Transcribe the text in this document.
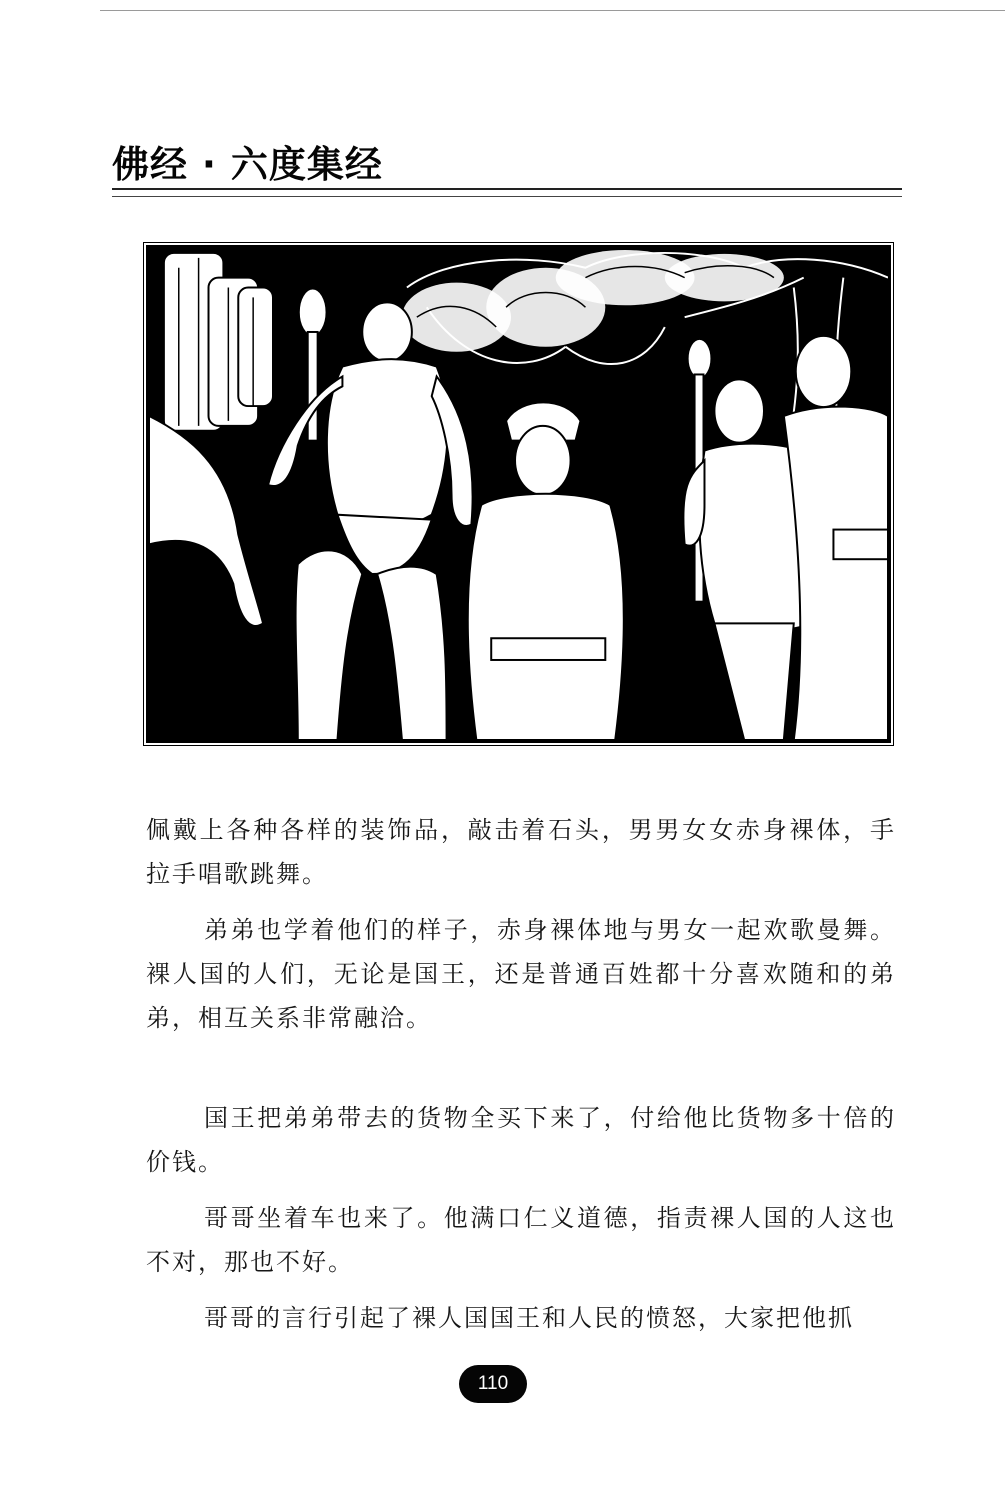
佛经 · 六度集经

佩戴上各种各样的装饰品，敲击着石头，男男女女赤身裸体，手拉手唱歌跳舞。

弟弟也学着他们的样子，赤身裸体地与男女一起欢歌曼舞。裸人国的人们，无论是国王，还是普通百姓都十分喜欢随和的弟弟，相互关系非常融洽。

国王把弟弟带去的货物全买下来了，付给他比货物多十倍的价钱。

哥哥坐着车也来了。他满口仁义道德，指责裸人国的人这也不对，那也不好。

哥哥的言行引起了裸人国国王和人民的愤怒，大家把他抓

110
